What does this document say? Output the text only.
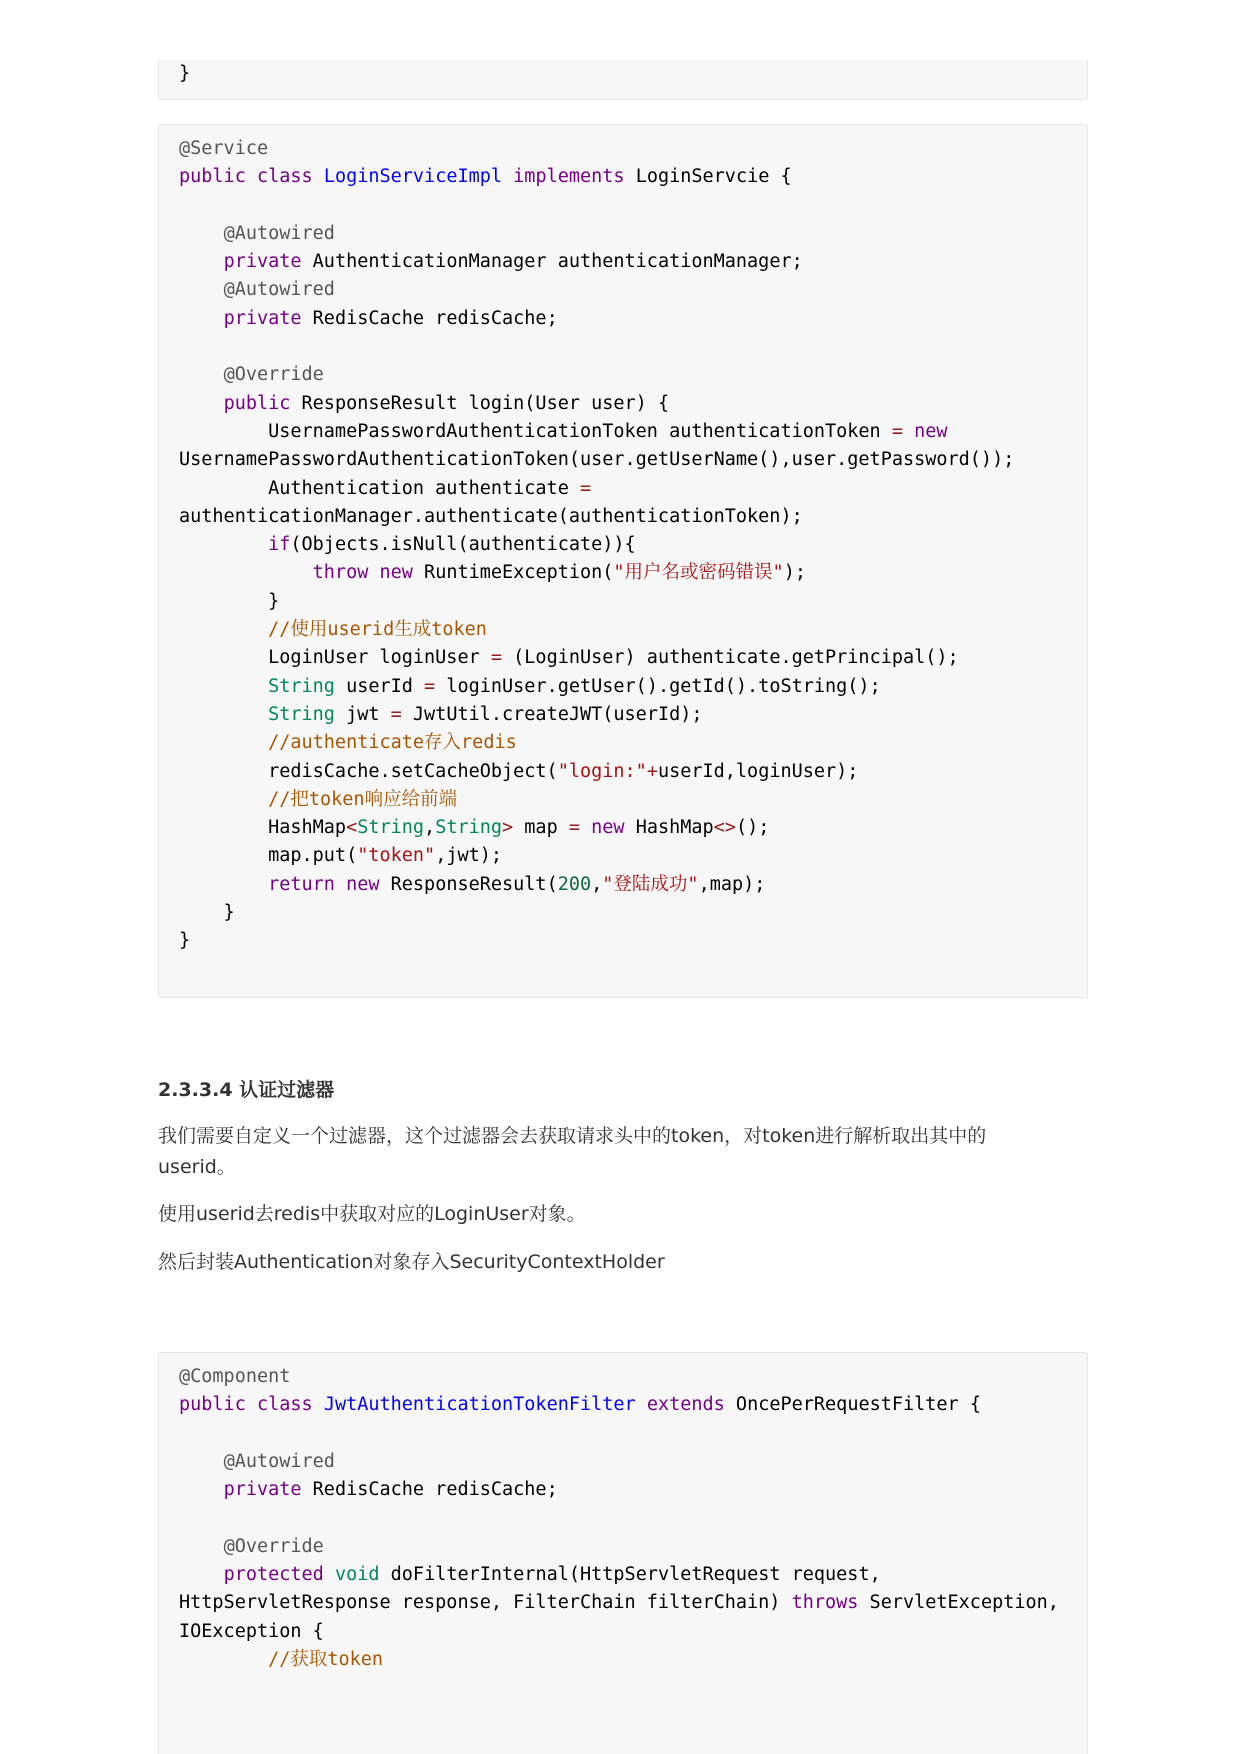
}
@Service
public class LoginServiceImpl implements LoginServcie {

@Autowired
private AuthenticationManager authenticationManager;
@Autowired
private RedisCache redisCache;

@Override
public ResponseResult login(User user) {
UsernamePasswordAuthenticationToken authenticationToken = new
UsernamePasswordAuthenticationToken(user.getUserName(),user.getPassword());
Authentication authenticate =
authenticationManager.authenticate(authenticationToken);
if(Objects.isNull(authenticate)){
throw new RuntimeException("用户名或密码错误");
}
//使用userid生成token
LoginUser loginUser = (LoginUser) authenticate.getPrincipal();
String userId = loginUser.getUser().getId().toString();
String jwt = JwtUtil.createJWT(userId);
//authenticate存入redis
redisCache.setCacheObject("login:"+userId,loginUser);
//把token响应给前端
HashMap<String,String> map = new HashMap<>();
map.put("token",jwt);
return new ResponseResult(200,"登陆成功",map);
}
}
2.3.3.4 认证过滤器

我们需要自定义一个过滤器，这个过滤器会去获取请求头中的token，对token进行解析取出其中的userid。

使用userid去redis中获取对应的LoginUser对象。

然后封装Authentication对象存入SecurityContextHolder

@Component
public class JwtAuthenticationTokenFilter extends OncePerRequestFilter {

@Autowired
private RedisCache redisCache;

@Override
protected void doFilterInternal(HttpServletRequest request,
HttpServletResponse response, FilterChain filterChain) throws ServletException,
IOException {
//获取token
